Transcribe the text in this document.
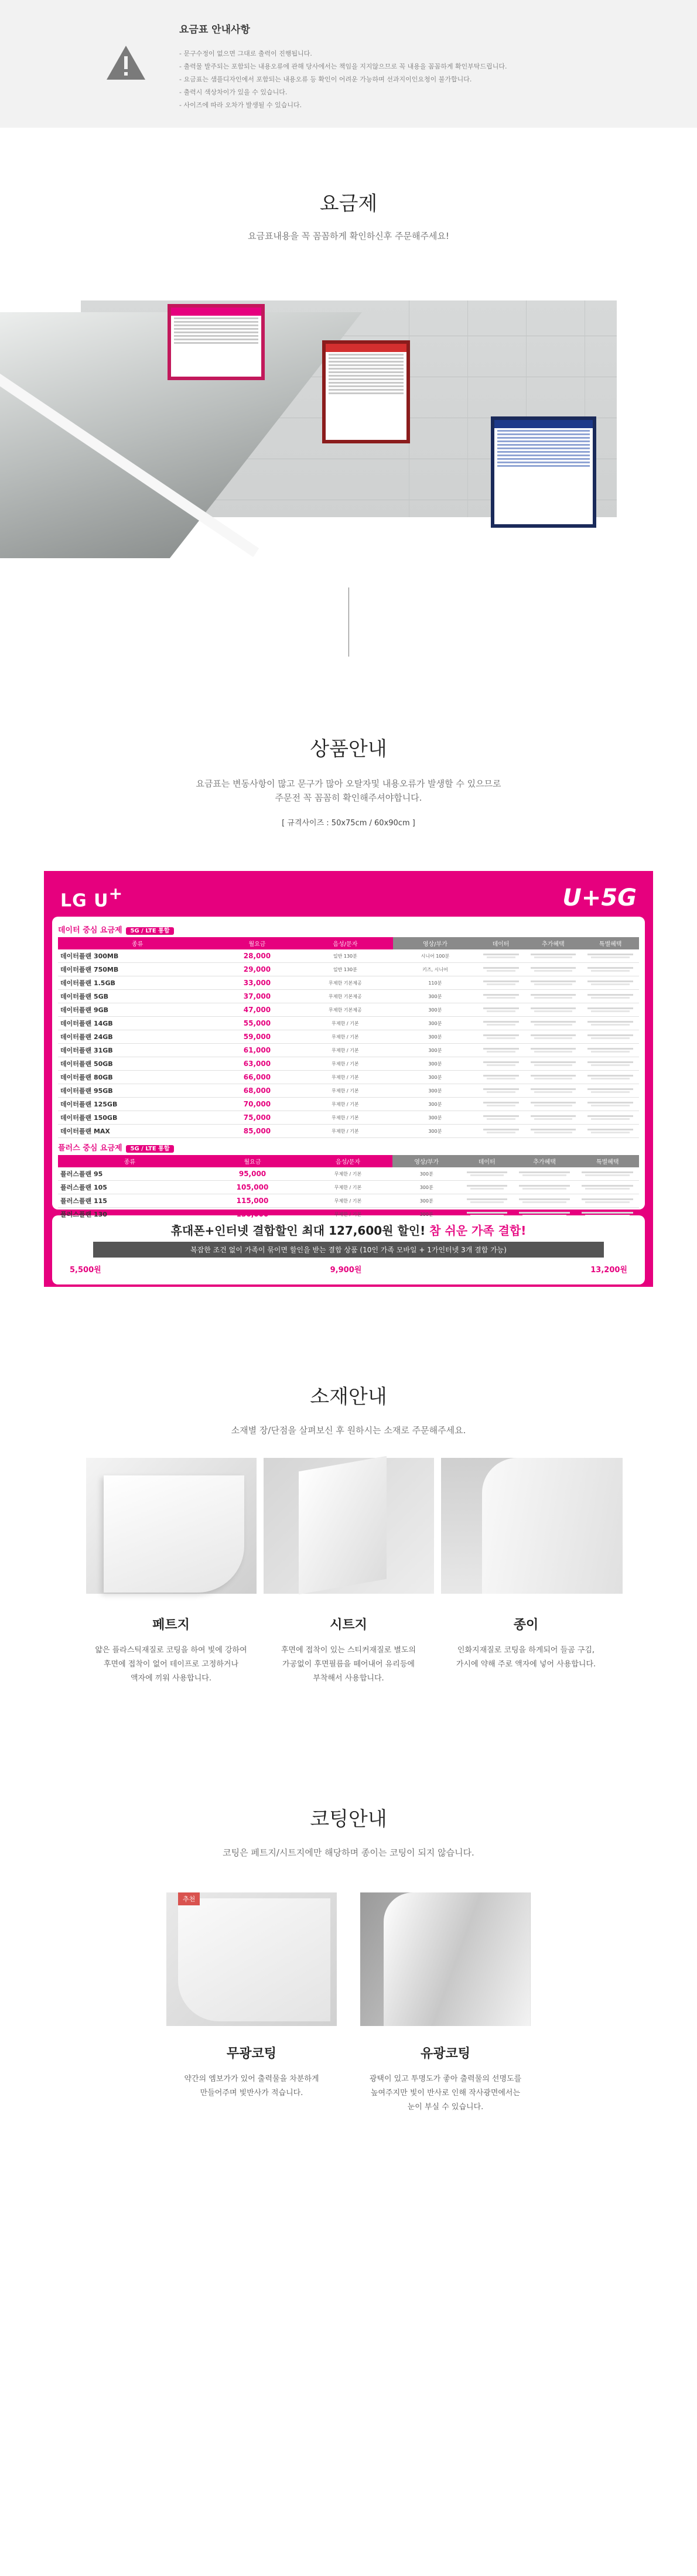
요금표 안내사항
- 문구수정이 없으면 그대로 출력이 진행됩니다.
- 출력물 발주되는 포함되는 내용오류에 관해 당사에서는 책임을 지지않으므로 꼭 내용을 꼼꼼하게 확인부탁드립니다.
- 요금표는 샘플디자인에서 포함되는 내용오류 등 확인이 어려운 가능하며 선과지이인요청이 불가합니다.
- 출력시 색상차이가 있을 수 있습니다.
- 사이즈에 따라 오차가 발생될 수 있습니다.
요금제

요금표내용을 꼭 꼼꼼하게 확인하신후 주문해주세요!

상품안내

요금표는 변동사항이 많고 문구가 많아 오탈자및 내용오류가 발생할 수 있으므로

주문전 꼭 꼼꼼히 확인해주셔야합니다.

[ 규격사이즈 : 50x75cm / 60x90cm ]

LG U+	U+5G
데이터 중심 요금제 5G / LTE 통합
종류	월요금	음성/문자	영상/부가	데이터	추가혜택	특별혜택
데이터플랜 300MB	28,000	일반 130분	시니어 100분	

데이터플랜 750MB	29,000	일반 130분	키즈, 시니어	

데이터플랜 1.5GB	33,000	무제한 기본제공	110분	

데이터플랜 5GB	37,000	무제한 기본제공	300분	

데이터플랜 9GB	47,000	무제한 기본제공	300분	

데이터플랜 14GB	55,000	무제한 / 기본	300분	

데이터플랜 24GB	59,000	무제한 / 기본	300분	

데이터플랜 31GB	61,000	무제한 / 기본	300분	

데이터플랜 50GB	63,000	무제한 / 기본	300분	

데이터플랜 80GB	66,000	무제한 / 기본	300분	

데이터플랜 95GB	68,000	무제한 / 기본	300분	

데이터플랜 125GB	70,000	무제한 / 기본	300분	

데이터플랜 150GB	75,000	무제한 / 기본	300분	

데이터플랜 MAX	85,000	무제한 / 기본	300분	

플러스 중심 요금제 5G / LTE 통합
종류	월요금	음성/문자	영상/부가	데이터	추가혜택	특별혜택
플러스플랜 95	95,000	무제한 / 기본	300분	

플러스플랜 105	105,000	무제한 / 기본	300분	

플러스플랜 115	115,000	무제한 / 기본	300분	

플러스플랜 130	130,000	무제한 / 기본	300분	

휴대폰+인터넷 결합할인 최대 127,600원 할인! 참 쉬운 가족 결합!
복잡한 조건 없이 가족이 묶이면 할인을 받는 결합 상품 (10인 가족 모바일 + 1가인터넷 3개 결합 가능)
5,500원	9,900원	13,200원
소재안내

소재별 장/단점을 살펴보신 후 원하시는 소재로 주문해주세요.

페트지
얇은 플라스틱재질로 코팅을 하여 빛에 강하여
후면에 접착이 없어 테이프로 고정하거나
액자에 끼워 사용합니다.
시트지
후면에 접착이 있는 스티커재질로 별도의
가공없이 후면필름을 떼어내어 유리등에
부착해서 사용합니다.
종이
인화지재질로 코팅을 하게되어 들곰 구김,
가시에 약해 주로 액자에 넣어 사용합니다.
코팅안내

코팅은 페트지/시트지에만 해당하며 종이는 코팅이 되지 않습니다.

추천
무광코팅
약간의 엠보가가 있어 출력물을 차분하게
만들어주며 빛반사가 적습니다.
유광코팅
광택이 있고 투명도가 좋아 출력물의 선명도를
높여주지만 빛이 반사로 인해 작사광면에서는
눈이 부실 수 있습니다.
